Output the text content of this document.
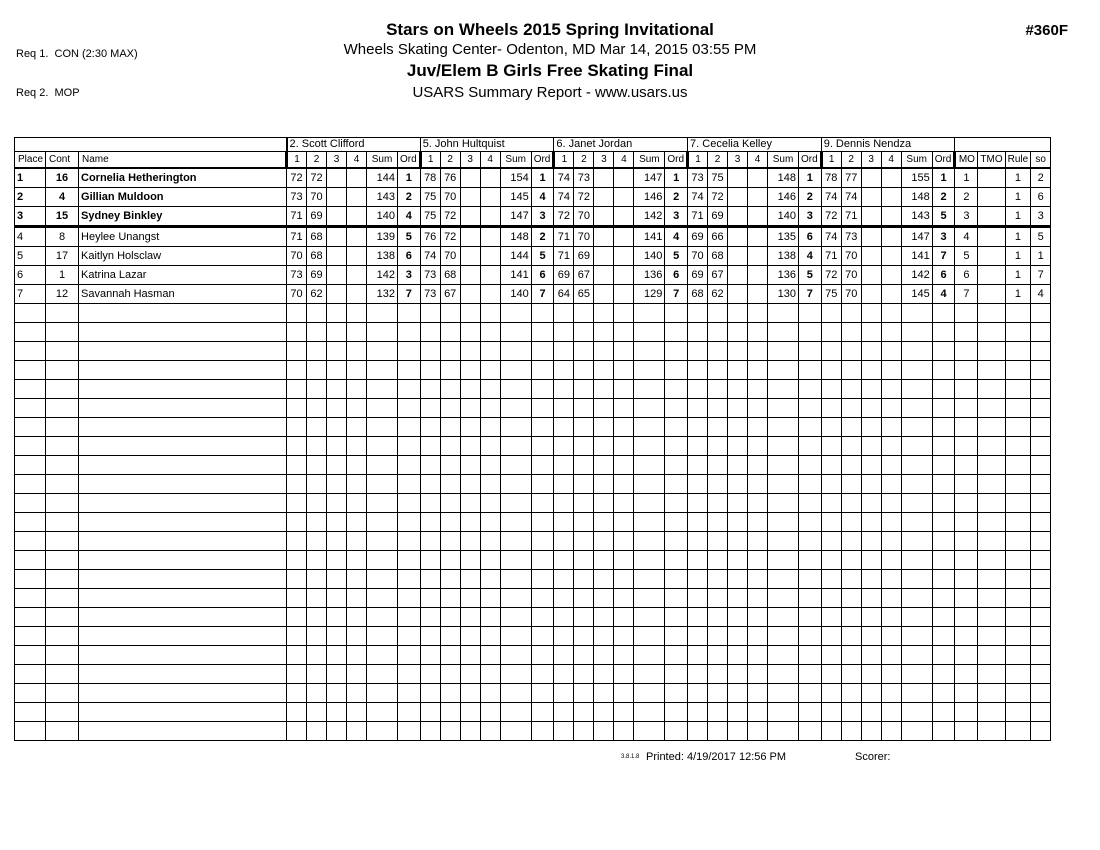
Req 1.  CON (2:30 MAX)

Req 2.  MOP

#360F
Stars on Wheels 2015 Spring Invitational
Wheels Skating Center- Odenton, MD Mar 14, 2015 03:55 PM
Juv/Elem B Girls Free Skating Final
USARS Summary Report - www.usars.us
			2. Scott Clifford						5. John Hultquist						6. Janet Jordan						7. Cecelia Kelley						9. Dennis Nendza									
Place	Cont	Name	1	2	3	4	Sum	Ord	1	2	3	4	Sum	Ord	1	2	3	4	Sum	Ord	1	2	3	4	Sum	Ord	1	2	3	4	Sum	Ord	MO	TMO	Rule	so
1	16	Cornelia Hetherington	72	72			144	1	78	76			154	1	74	73			147	1	73	75			148	1	78	77			155	1	1		1	2
2	4	Gillian Muldoon	73	70			143	2	75	70			145	4	74	72			146	2	74	72			146	2	74	74			148	2	2		1	6
3	15	Sydney Binkley	71	69			140	4	75	72			147	3	72	70			142	3	71	69			140	3	72	71			143	5	3		1	3
4	8	Heylee Unangst	71	68			139	5	76	72			148	2	71	70			141	4	69	66			135	6	74	73			147	3	4		1	5
5	17	Kaitlyn Holsclaw	70	68			138	6	74	70			144	5	71	69			140	5	70	68			138	4	71	70			141	7	5		1	1
6	1	Katrina Lazar	73	69			142	3	73	68			141	6	69	67			136	6	69	67			136	5	72	70			142	6	6		1	7
7	12	Savannah Hasman	70	62			132	7	73	67			140	7	64	65			129	7	68	62			130	7	75	70			145	4	7		1	4

3.8.1.8 Printed: 4/19/2017 12:56 PM	Scorer:
